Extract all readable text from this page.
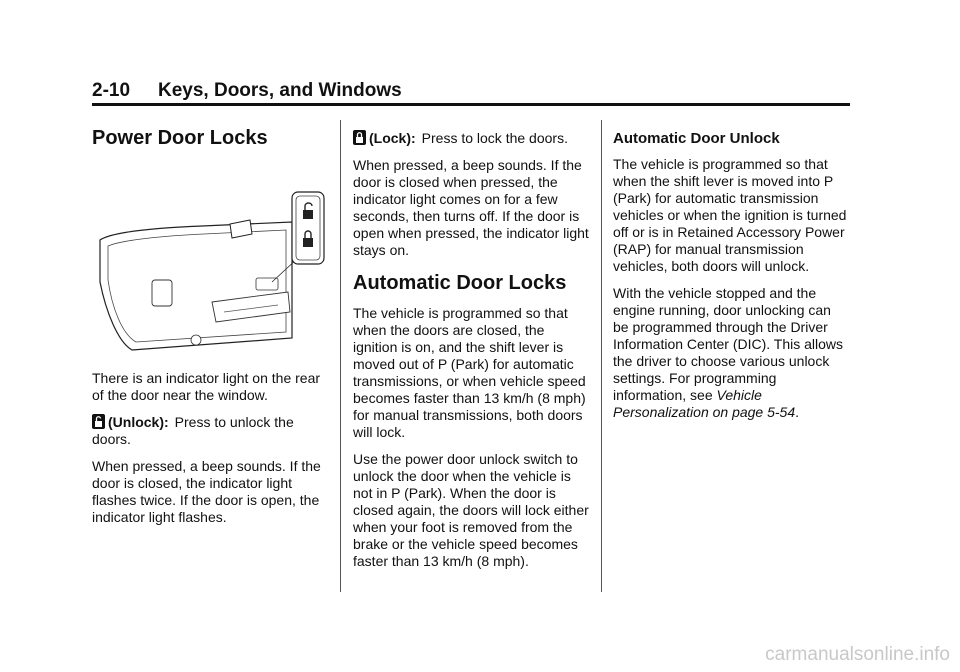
2-10 Keys, Doors, and Windows
Power Door Locks

There is an indicator light on the rear of the door near the window.

(Unlock): Press to unlock the doors.

When pressed, a beep sounds. If the door is closed, the indicator light flashes twice. If the door is open, the indicator light flashes.

(Lock): Press to lock the doors.

When pressed, a beep sounds. If the door is closed when pressed, the indicator light comes on for a few seconds, then turns off. If the door is open when pressed, the indicator light stays on.

Automatic Door Locks

The vehicle is programmed so that when the doors are closed, the ignition is on, and the shift lever is moved out of P (Park) for automatic transmissions, or when vehicle speed becomes faster than 13 km/h (8 mph) for manual transmissions, both doors will lock.

Use the power door unlock switch to unlock the door when the vehicle is not in P (Park). When the door is closed again, the doors will lock either when your foot is removed from the brake or the vehicle speed becomes faster than 13 km/h (8 mph).

Automatic Door Unlock

The vehicle is programmed so that when the shift lever is moved into P (Park) for automatic transmission vehicles or when the ignition is turned off or is in Retained Accessory Power (RAP) for manual transmission vehicles, both doors will unlock.

With the vehicle stopped and the engine running, door unlocking can be programmed through the Driver Information Center (DIC). This allows the driver to choose various unlock settings. For programming information, see Vehicle Personalization on page 5-54.

carmanualsonline.info
